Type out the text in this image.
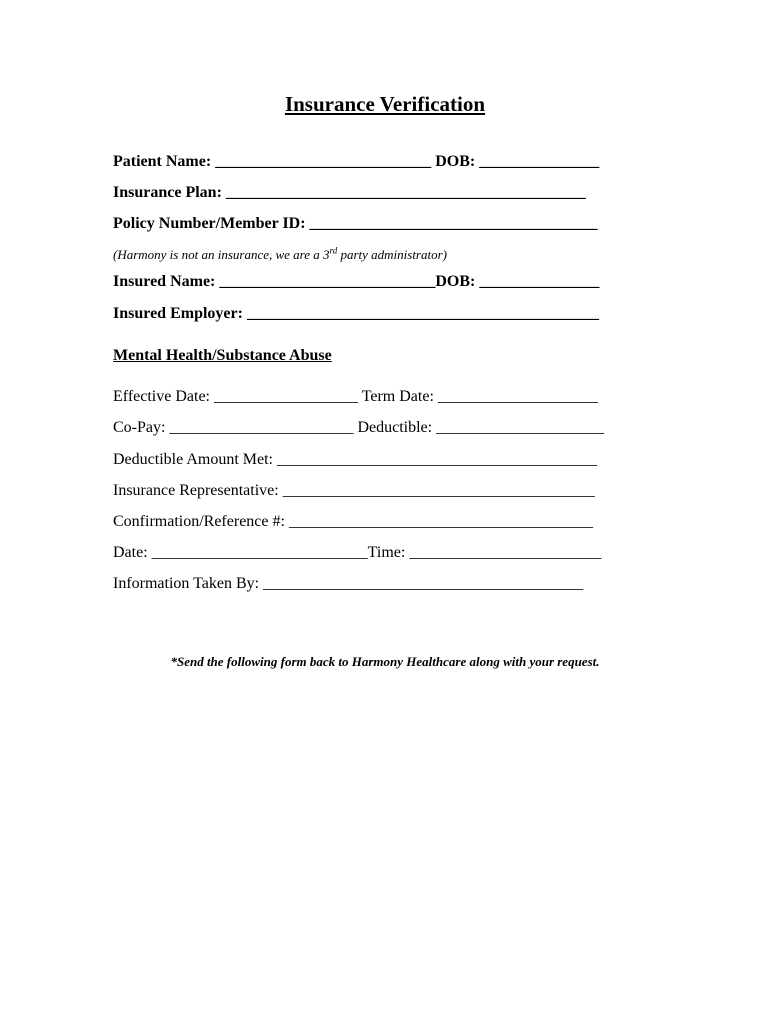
Insurance Verification
Patient Name: ___________________________ DOB: _______________
Insurance Plan: _____________________________________________
Policy Number/Member ID: ____________________________________
(Harmony is not an insurance, we are a 3rd party administrator)
Insured Name: ___________________________DOB: _______________
Insured Employer: ____________________________________________
Mental Health/Substance Abuse
Effective Date: __________________ Term Date: ____________________
Co-Pay: _______________________ Deductible: _____________________
Deductible Amount Met: ________________________________________
Insurance Representative: _______________________________________
Confirmation/Reference #: ______________________________________
Date: ___________________________Time: ________________________
Information Taken By: ________________________________________
*Send the following form back to Harmony Healthcare along with your request.
